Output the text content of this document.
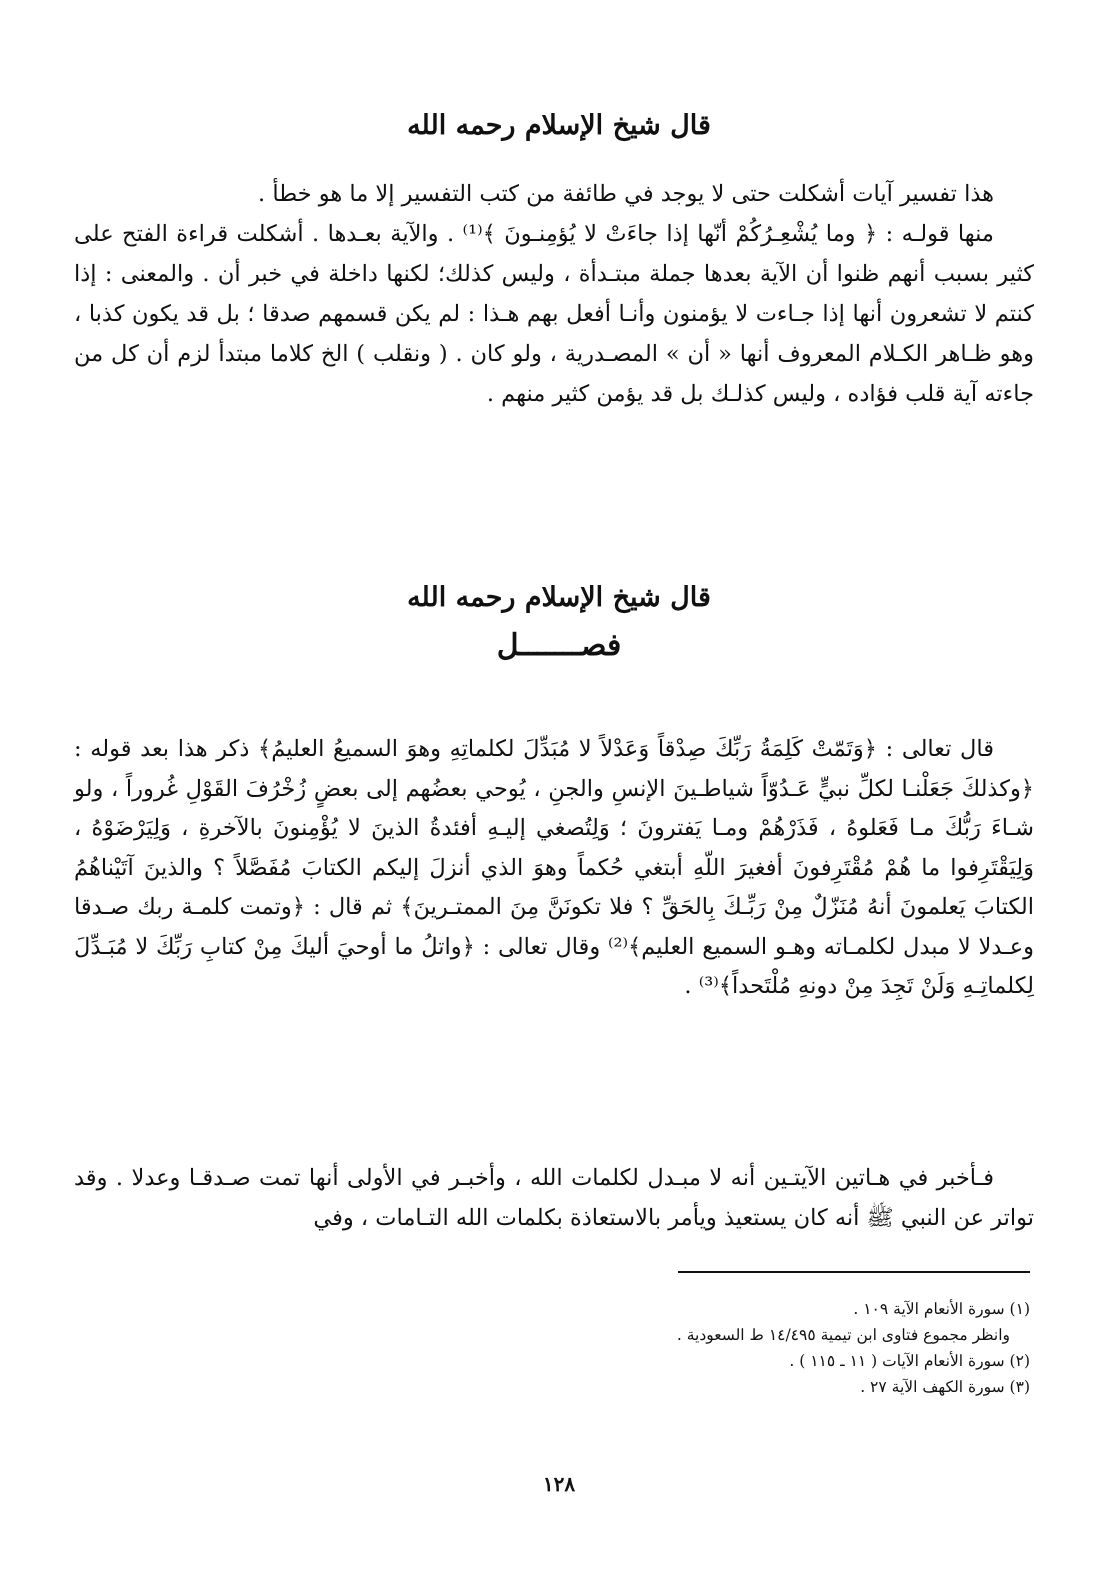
قال شيخ الإسلام رحمه الله

هذا تفسير آيات أشكلت حتى لا يوجد في طائفة من كتب التفسير إلا ما هو خطأ .

منها قولـه : ﴿ وما يُشْعِـرُكُمْ أنّها إذا جاءَتْ لا يُؤمِنـونَ ﴾⁽¹⁾ . والآية بعـدها . أشكلت قراءة الفتح على كثير بسبب أنهم ظنوا أن الآية بعدها جملة مبتـدأة ، وليس كذلك؛ لكنها داخلة في خبر أن . والمعنى : إذا كنتم لا تشعرون أنها إذا جـاءت لا يؤمنون وأنـا أفعل بهم هـذا : لم يكن قسمهم صدقا ؛ بل قد يكون كذبا ، وهو ظـاهر الكـلام المعروف أنها « أن » المصـدرية ، ولو كان . ( ونقلب ) الخ كلاما مبتدأ لزم أن كل من جاءته آية قلب فؤاده ، وليس كذلـك بل قد يؤمن كثير منهم .

قال شيخ الإسلام رحمه الله
فصـــــــل

قال تعالى : ﴿وَتَمّتْ كَلِمَةُ رَبِّكَ صِدْقاً وَعَدْلاً لا مُبَدِّلَ لكلماتِهِ وهوَ السميعُ العليمُ﴾ ذكر هذا بعد قوله : ﴿وكذلكَ جَعَلْنـا لكلِّ نبيٍّ عَـدُوّاً شياطـينَ الإنسِ والجنِ ، يُوحي بعضُهم إلى بعضٍ زُخْرُفَ القَوْلِ غُروراً ، ولو شـاءَ رَبُّكَ مـا فَعَلوهُ ، فَذَرْهُمْ ومـا يَفترونَ ؛ وَلِتُصغي إليـهِ أفئدةُ الذينَ لا يُؤْمِنونَ بالآخرةِ ، وَلِيَرْضَوْهُ ، وَلِيَقْتَرِفوا ما هُمْ مُقْتَرِفونَ أفغيرَ اللّهِ أبتغي حُكماً وهوَ الذي أنزلَ إليكم الكتابَ مُفَصَّلاً ؟ والذينَ آتَيْناهُمُ الكتابَ يَعلمونَ أنهُ مُنَزّلٌ مِنْ رَبِّـكَ بِالحَقِّ ؟ فلا تكونَنَّ مِنَ الممتـرينَ﴾ ثم قال : ﴿وتمت كلمـة ربك صـدقا وعـدلا لا مبدل لكلمـاته وهـو السميع العليم﴾⁽²⁾ وقال تعالى : ﴿واتلُ ما أوحيَ أليكَ مِنْ كتابِ رَبِّكَ لا مُبَـدِّلَ لِكلماتِـهِ وَلَنْ تَجِدَ مِنْ دونهِ مُلْتَحداً﴾⁽³⁾ .

فـأخبر في هـاتين الآيتـين أنه لا مبـدل لكلمات الله ، وأخبـر في الأولى أنها تمت صـدقـا وعدلا . وقد تواتر عن النبي ﷺ أنه كان يستعيذ ويأمر بالاستعاذة بكلمات الله التـامات ، وفي

(١) سورة الأنعام الآية ١٠٩ .
وانظر مجموع فتاوى ابن تيمية ١٤/٤٩٥ ط السعودية .
(٢) سورة الأنعام الآيات ( ١١ ـ ١١٥ ) .
(٣) سورة الكهف الآية ٢٧ .
١٢٨
